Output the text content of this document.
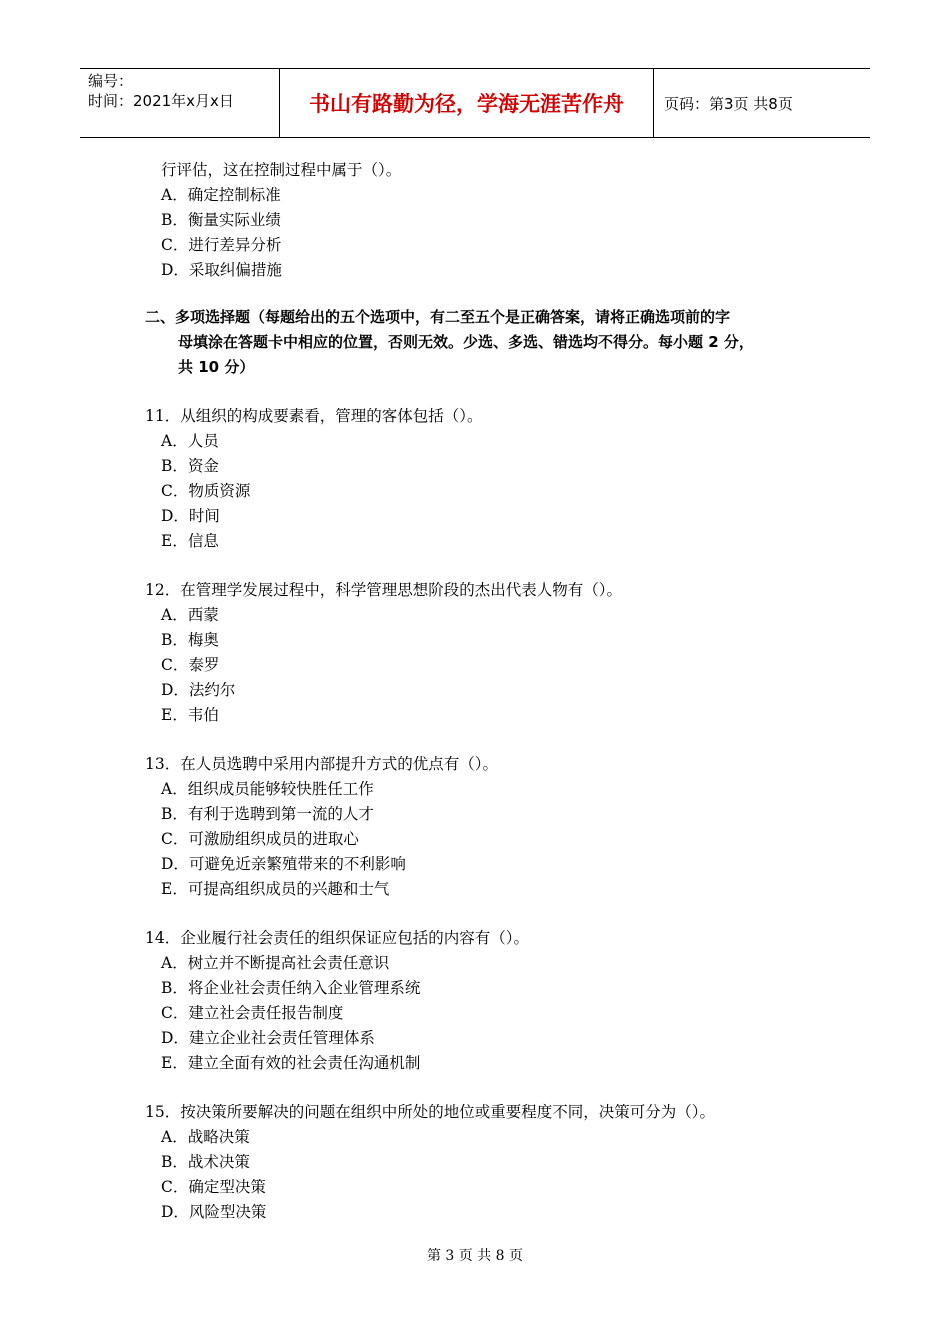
编号：
时间：2021年x月x日	书山有路勤为径，学海无涯苦作舟	页码：第3页 共8页
行评估，这在控制过程中属于（）。
A．确定控制标准
B．衡量实际业绩
C．进行差异分析
D．采取纠偏措施
二、多项选择题（每题给出的五个选项中，有二至五个是正确答案，请将正确选项前的字
母填涂在答题卡中相应的位置，否则无效。少选、多选、错选均不得分。每小题 2 分，
共 10 分）
11．从组织的构成要素看，管理的客体包括（）。
A．人员
B．资金
C．物质资源
D．时间
E．信息
12．在管理学发展过程中，科学管理思想阶段的杰出代表人物有（）。
A．西蒙
B．梅奥
C．泰罗
D．法约尔
E．韦伯
13．在人员选聘中采用内部提升方式的优点有（）。
A．组织成员能够较快胜任工作
B．有利于选聘到第一流的人才
C．可激励组织成员的进取心
D．可避免近亲繁殖带来的不利影响
E．可提高组织成员的兴趣和士气
14．企业履行社会责任的组织保证应包括的内容有（）。
A．树立并不断提高社会责任意识
B．将企业社会责任纳入企业管理系统
C．建立社会责任报告制度
D．建立企业社会责任管理体系
E．建立全面有效的社会责任沟通机制
15．按决策所要解决的问题在组织中所处的地位或重要程度不同，决策可分为（）。
A．战略决策
B．战术决策
C．确定型决策
D．风险型决策
第 3 页 共 8 页
